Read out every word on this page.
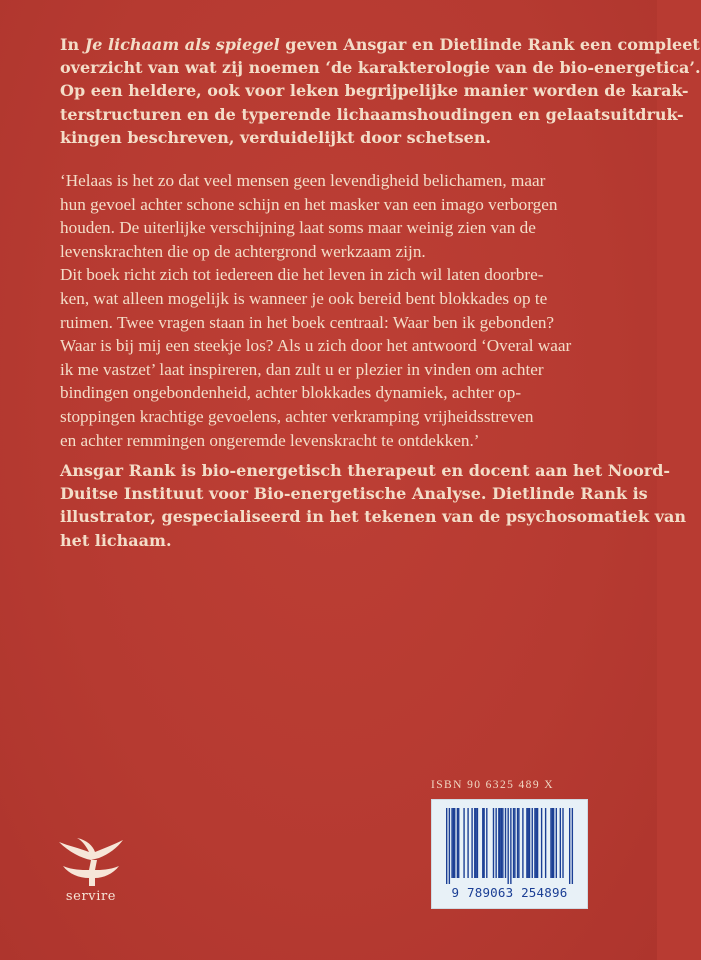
In Je lichaam als spiegel geven Ansgar en Dietlinde Rank een compleet
overzicht van wat zij noemen ‘de karakterologie van de bio-energetica’.
Op een heldere, ook voor leken begrijpelijke manier worden de karak-
terstructuren en de typerende lichaamshoudingen en gelaatsuitdruk-
kingen beschreven, verduidelijkt door schetsen.
‘Helaas is het zo dat veel mensen geen levendigheid belichamen, maar
hun gevoel achter schone schijn en het masker van een imago verborgen
houden. De uiterlijke verschijning laat soms maar weinig zien van de
levenskrachten die op de achtergrond werkzaam zijn.
Dit boek richt zich tot iedereen die het leven in zich wil laten doorbre-
ken, wat alleen mogelijk is wanneer je ook bereid bent blokkades op te
ruimen. Twee vragen staan in het boek centraal: Waar ben ik gebonden?
Waar is bij mij een steekje los? Als u zich door het antwoord ‘Overal waar
ik me vastzet’ laat inspireren, dan zult u er plezier in vinden om achter
bindingen ongebondenheid, achter blokkades dynamiek, achter op-
stoppingen krachtige gevoelens, achter verkramping vrijheidsstreven
en achter remmingen ongeremde levenskracht te ontdekken.’
Ansgar Rank is bio-energetisch therapeut en docent aan het Noord-
Duitse Instituut voor Bio-energetische Analyse. Dietlinde Rank is
illustrator, gespecialiseerd in het tekenen van de psychosomatiek van
het lichaam.
ISBN 90 6325 489 X
9 789063 254896
servire
